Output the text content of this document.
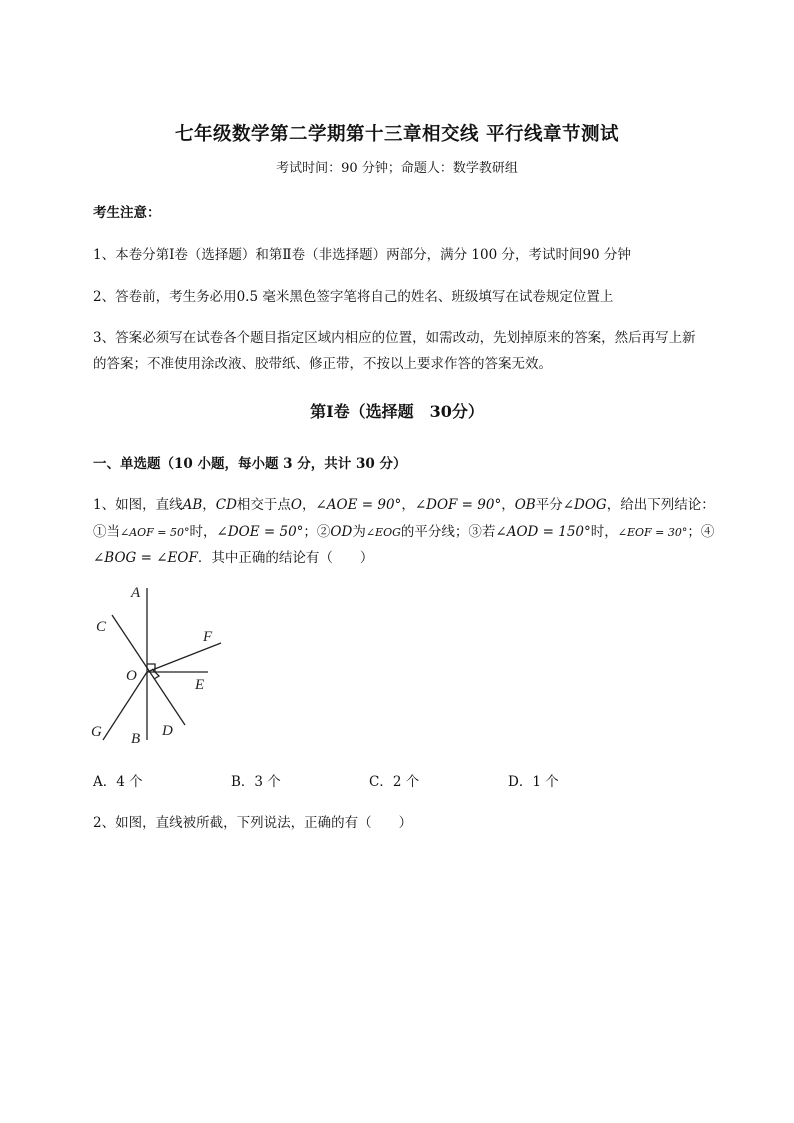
七年级数学第二学期第十三章相交线 平行线章节测试
考试时间：90 分钟；命题人：数学教研组
考生注意：
1、本卷分第Ⅰ卷（选择题）和第Ⅱ卷（非选择题）两部分，满分 100 分，考试时间90 分钟
2、答卷前，考生务必用0.5 毫米黑色签字笔将自己的姓名、班级填写在试卷规定位置上
3、答案必须写在试卷各个题目指定区域内相应的位置，如需改动，先划掉原来的答案，然后再写上新
的答案；不准使用涂改液、胶带纸、修正带，不按以上要求作答的答案无效。
第Ⅰ卷（选择题　30分）
一、单选题（10 小题，每小题 3 分，共计 30 分）
1、如图，直线AB，CD相交于点O，∠AOE = 90°，∠DOF = 90°，OB平分∠DOG，给出下列结论：
①当∠AOF = 50°时，∠DOE = 50°；②OD为∠EOG的平分线；③若∠AOD = 150°时，∠EOF = 30°；④
∠BOG = ∠EOF．其中正确的结论有（　　）
A
C
F
O
E
G B D
A．4 个	B．3 个	C．2 个	D．1 个
2、如图，直线被所截，下列说法，正确的有（　　）
